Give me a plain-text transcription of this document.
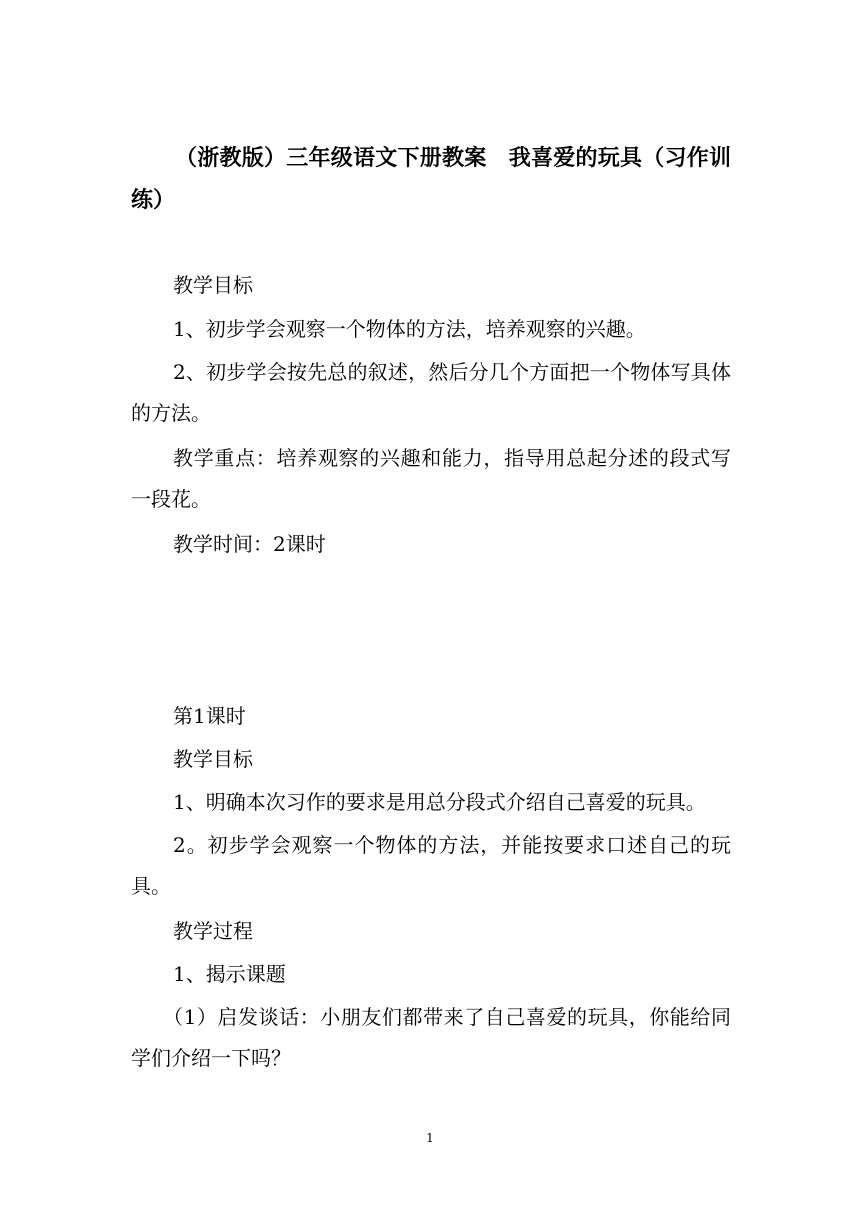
（浙教版）三年级语文下册教案　我喜爱的玩具（习作训练）

教学目标

1、初步学会观察一个物体的方法，培养观察的兴趣。

2、初步学会按先总的叙述，然后分几个方面把一个物体写具体的方法。

教学重点：培养观察的兴趣和能力，指导用总起分述的段式写一段花。

教学时间：2课时

第1课时

教学目标

1、明确本次习作的要求是用总分段式介绍自己喜爱的玩具。

2。初步学会观察一个物体的方法，并能按要求口述自己的玩具。

教学过程

1、揭示课题

（1）启发谈话：小朋友们都带来了自己喜爱的玩具，你能给同学们介绍一下吗？

1
